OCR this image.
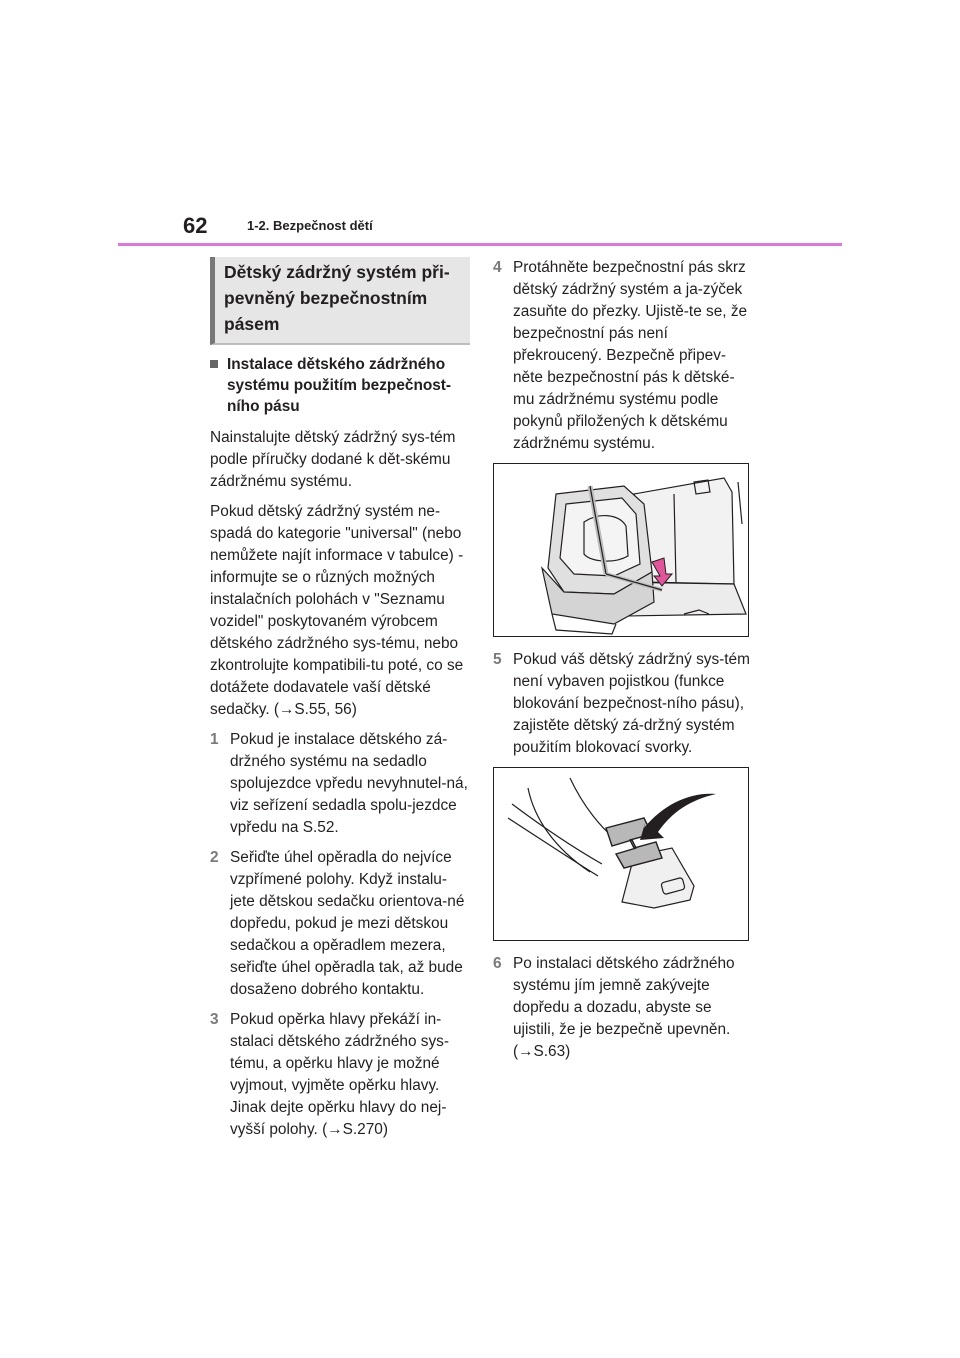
62	1-2. Bezpečnost dětí
Dětský zádržný systém při-pevněný bezpečnostním pásem
Instalace dětského zádržného systému použitím bezpečnost-ního pásu

Nainstalujte dětský zádržný sys-tém podle příručky dodané k dět-skému zádržnému systému.

Pokud dětský zádržný systém ne-spadá do kategorie "universal" (nebo nemůžete najít informace v tabulce) - informujte se o různých možných instalačních polohách v "Seznamu vozidel" poskytovaném výrobcem dětského zádržného sys-tému, nebo zkontrolujte kompatibili-tu poté, co se dotážete dodavatele vaší dětské sedačky. (→S.55, 56)

1 Pokud je instalace dětského zá-držného systému na sedadlo spolujezdce vpředu nevyhnutel-ná, viz seřízení sedadla spolu-jezdce vpředu na S.52.
2 Seřiďte úhel opěradla do nejvíce vzpřímené polohy. Když instalu-jete dětskou sedačku orientova-né dopředu, pokud je mezi dětskou sedačkou a opěradlem mezera, seřiďte úhel opěradla tak, až bude dosaženo dobrého kontaktu.
3 Pokud opěrka hlavy překáží in-stalaci dětského zádržného sys-tému, a opěrku hlavy je možné vyjmout, vyjměte opěrku hlavy. Jinak dejte opěrku hlavy do nej-vyšší polohy. (→S.270)
4 Protáhněte bezpečnostní pás skrz dětský zádržný systém a ja-zýček zasuňte do přezky. Ujistě-te se, že bezpečnostní pás není překroucený. Bezpečně připev-něte bezpečnostní pás k dětské-mu zádržnému systému podle pokynů přiložených k dětskému zádržnému systému.
5 Pokud váš dětský zádržný sys-tém není vybaven pojistkou (funkce blokování bezpečnost-ního pásu), zajistěte dětský zá-držný systém použitím blokovací svorky.
6 Po instalaci dětského zádržného systému jím jemně zakývejte dopředu a dozadu, abyste se ujistili, že je bezpečně upevněn. (→S.63)
